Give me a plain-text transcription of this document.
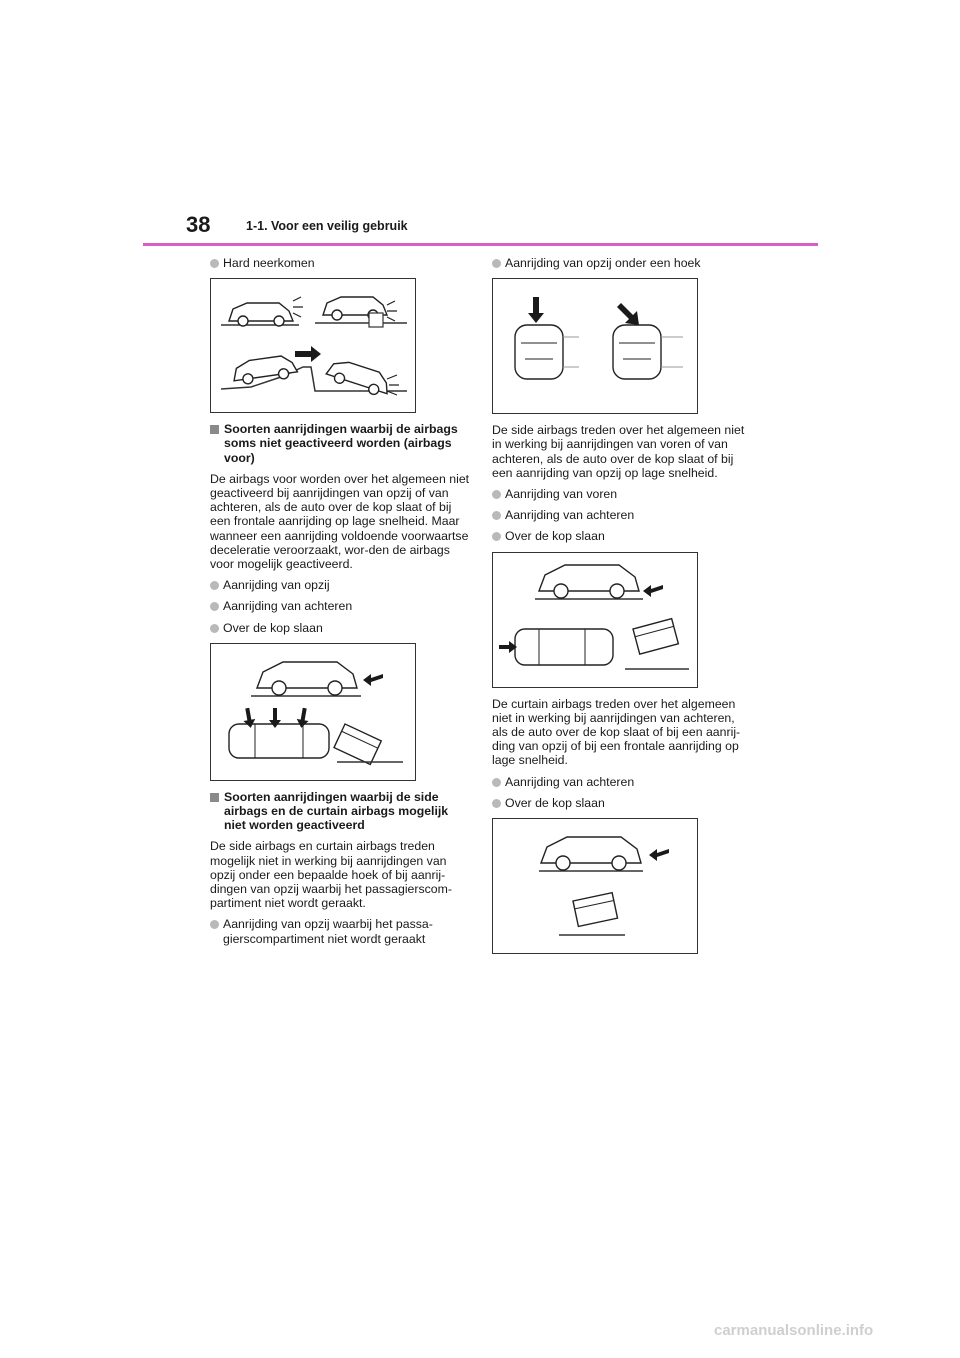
38	1-1. Voor een veilig gebruik
Hard neerkomen
Soorten aanrijdingen waarbij de airbags soms niet geactiveerd worden (airbags voor)

De airbags voor worden over het algemeen niet geactiveerd bij aanrijdingen van opzij of van achteren, als de auto over de kop slaat of bij een frontale aanrijding op lage snelheid. Maar wanneer een aanrijding voldoende voorwaartse deceleratie veroorzaakt, wor-den de airbags voor mogelijk geactiveerd.

Aanrijding van opzij
Aanrijding van achteren
Over de kop slaan
Soorten aanrijdingen waarbij de side airbags en de curtain airbags mogelijk niet worden geactiveerd

De side airbags en curtain airbags treden mogelijk niet in werking bij aanrijdingen van opzij onder een bepaalde hoek of bij aanrij-dingen van opzij waarbij het passagierscom-partiment niet wordt geraakt.

Aanrijding van opzij waarbij het passa-gierscompartiment niet wordt geraakt
Aanrijding van opzij onder een hoek

De side airbags treden over het algemeen niet in werking bij aanrijdingen van voren of van achteren, als de auto over de kop slaat of bij een aanrijding van opzij op lage snelheid.

Aanrijding van voren
Aanrijding van achteren
Over de kop slaan

De curtain airbags treden over het algemeen niet in werking bij aanrijdingen van achteren, als de auto over de kop slaat of bij een aanrij-ding van opzij of bij een frontale aanrijding op lage snelheid.

Aanrijding van achteren
Over de kop slaan
carmanualsonline.info
